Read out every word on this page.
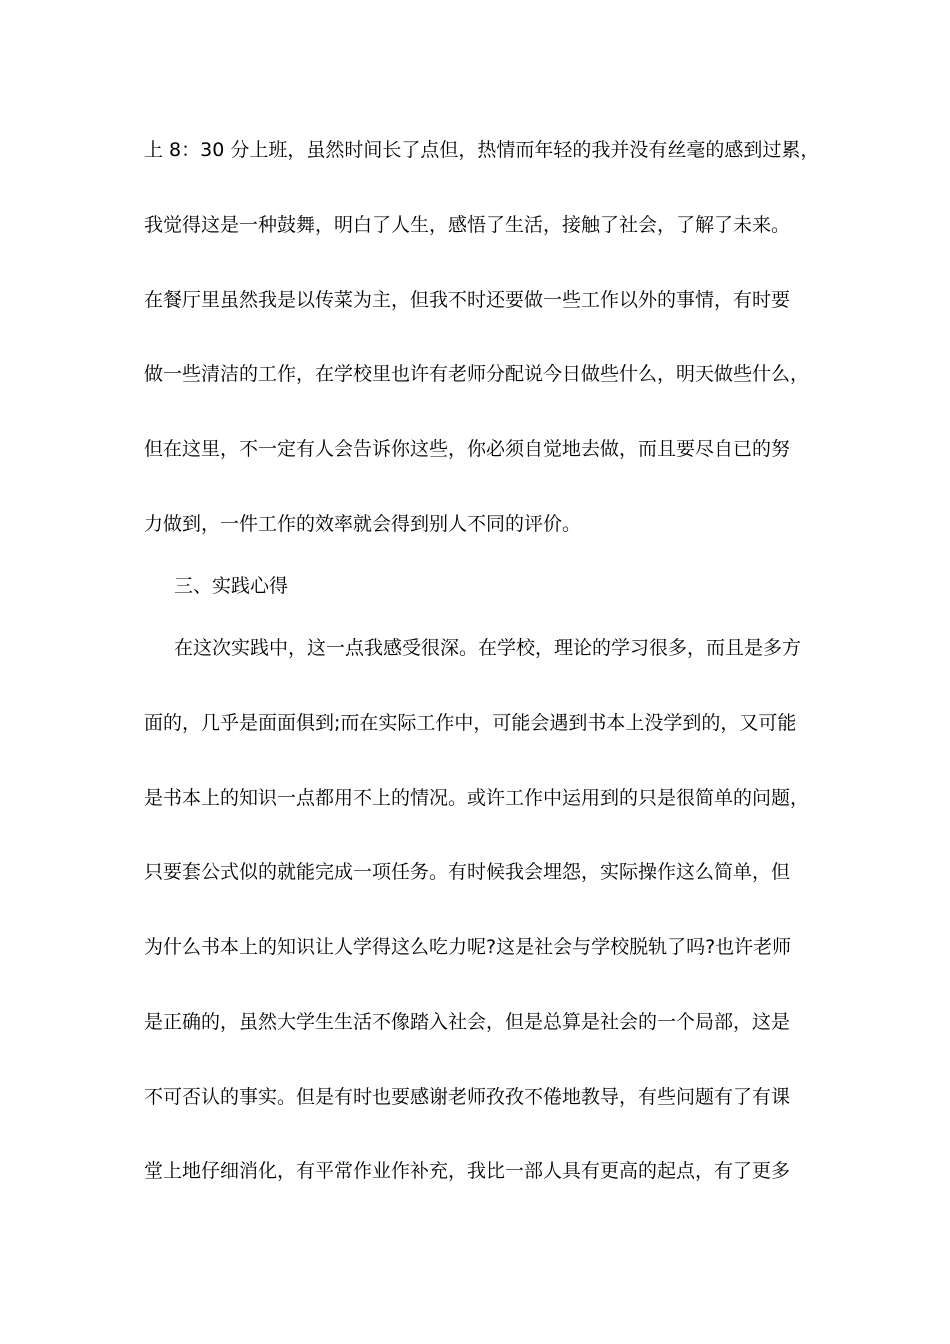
上 8：30 分上班，虽然时间长了点但，热情而年轻的我并没有丝毫的感到过累，
我觉得这是一种鼓舞，明白了人生，感悟了生活，接触了社会，了解了未来。
在餐厅里虽然我是以传菜为主，但我不时还要做一些工作以外的事情，有时要
做一些清洁的工作，在学校里也许有老师分配说今日做些什么，明天做些什么，
但在这里，不一定有人会告诉你这些，你必须自觉地去做，而且要尽自已的努
力做到，一件工作的效率就会得到别人不同的评价。
三、实践心得
在这次实践中，这一点我感受很深。在学校，理论的学习很多，而且是多方
面的，几乎是面面俱到;而在实际工作中，可能会遇到书本上没学到的，又可能
是书本上的知识一点都用不上的情况。或许工作中运用到的只是很简单的问题，
只要套公式似的就能完成一项任务。有时候我会埋怨，实际操作这么简单，但
为什么书本上的知识让人学得这么吃力呢?这是社会与学校脱轨了吗?也许老师
是正确的，虽然大学生生活不像踏入社会，但是总算是社会的一个局部，这是
不可否认的事实。但是有时也要感谢老师孜孜不倦地教导，有些问题有了有课
堂上地仔细消化，有平常作业作补充，我比一部人具有更高的起点，有了更多
